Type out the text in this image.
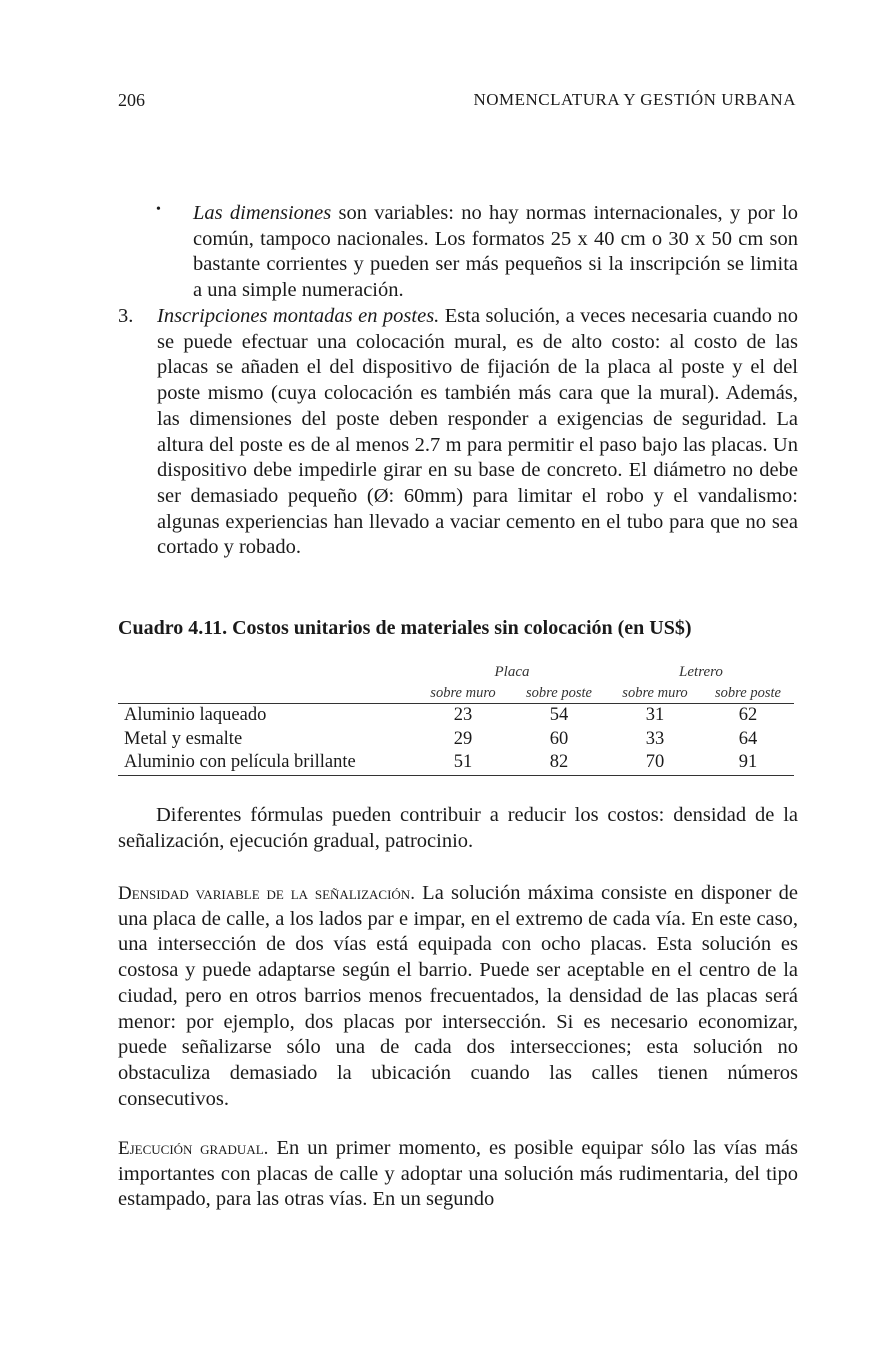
206	NOMENCLATURA Y GESTIÓN URBANA
• Las dimensiones son variables: no hay normas internacionales, y por lo común, tampoco nacionales. Los formatos 25 x 40 cm o 30 x 50 cm son bastante corrientes y pueden ser más pequeños si la inscripción se limita a una simple numeración.
3. Inscripciones montadas en postes. Esta solución, a veces necesaria cuando no se puede efectuar una colocación mural, es de alto costo: al costo de las placas se añaden el del dispositivo de fijación de la placa al poste y el del poste mismo (cuya colocación es también más cara que la mural). Además, las dimensiones del poste deben responder a exigencias de seguridad. La altura del poste es de al menos 2.7 m para permitir el paso bajo las placas. Un dispositivo debe impedirle girar en su base de concreto. El diámetro no debe ser demasiado pequeño (Ø: 60mm) para limitar el robo y el vandalismo: algunas experiencias han llevado a vaciar cemento en el tubo para que no sea cortado y robado.
Cuadro 4.11. Costos unitarios de materiales sin colocación (en US$)
	Placa		Letrero	
	sobre muro	sobre poste	sobre muro	sobre poste
Aluminio laqueado	23	54	31	62
Metal y esmalte	29	60	33	64
Aluminio con película brillante	51	82	70	91
Diferentes fórmulas pueden contribuir a reducir los costos: densidad de la señalización, ejecución gradual, patrocinio.
Densidad variable de la señalización. La solución máxima consiste en disponer de una placa de calle, a los lados par e impar, en el extremo de cada vía. En este caso, una intersección de dos vías está equipada con ocho placas. Esta solución es costosa y puede adaptarse según el barrio. Puede ser aceptable en el centro de la ciudad, pero en otros barrios menos frecuentados, la densidad de las placas será menor: por ejemplo, dos placas por intersección. Si es necesario economizar, puede señalizarse sólo una de cada dos intersecciones; esta solución no obstaculiza demasiado la ubicación cuando las calles tienen números consecutivos.
Ejecución gradual. En un primer momento, es posible equipar sólo las vías más importantes con placas de calle y adoptar una solución más rudimentaria, del tipo estampado, para las otras vías. En un segundo
